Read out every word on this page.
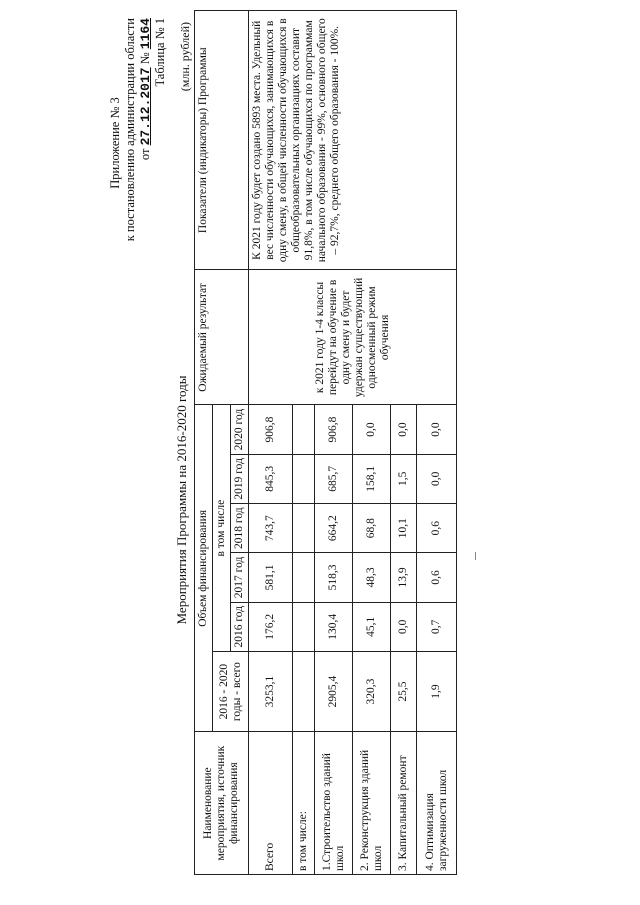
Приложение № 3 к постановлению администрации области от 27.12.2017 № 1164 Таблица № 1
Мероприятия Программы на 2016-2020 годы
(млн. рублей)
Наименование мероприятия, источник финансирования	Объем финансирования						Ожидаемый результат	Показатели (индикаторы) Программы
	2016 - 2020 годы - всего	в том числе						
		2016 год	2017 год	2018 год	2019 год	2020 год		
Всего	3253,1	176,2	581,1	743,7	845,3	906,8	к 2021 году 1-4 классы перейдут на обучение в одну смену и будет удержан существующий односменный режим обучения	К 2021 году будет создано 5893 места. Удельный вес численности обучающихся, занимающихся в одну смену, в общей численности обучающихся в общеобразовательных организациях составит 91,8%, в том числе обучающихся по программам начального образования - 99%, основного общего – 92,7%, среднего общего образования - 100%.
в том числе:								
1.Строительство зданий школ	2905,4	130,4	518,3	664,2	685,7	906,8		
2. Реконструкция зданий школ	320,3	45,1	48,3	68,8	158,1	0,0		
3. Капитальный ремонт	25,5	0,0	13,9	10,1	1,5	0,0		
4. Оптимизация загруженности школ	1,9	0,7	0,6	0,6	0,0	0,0		
